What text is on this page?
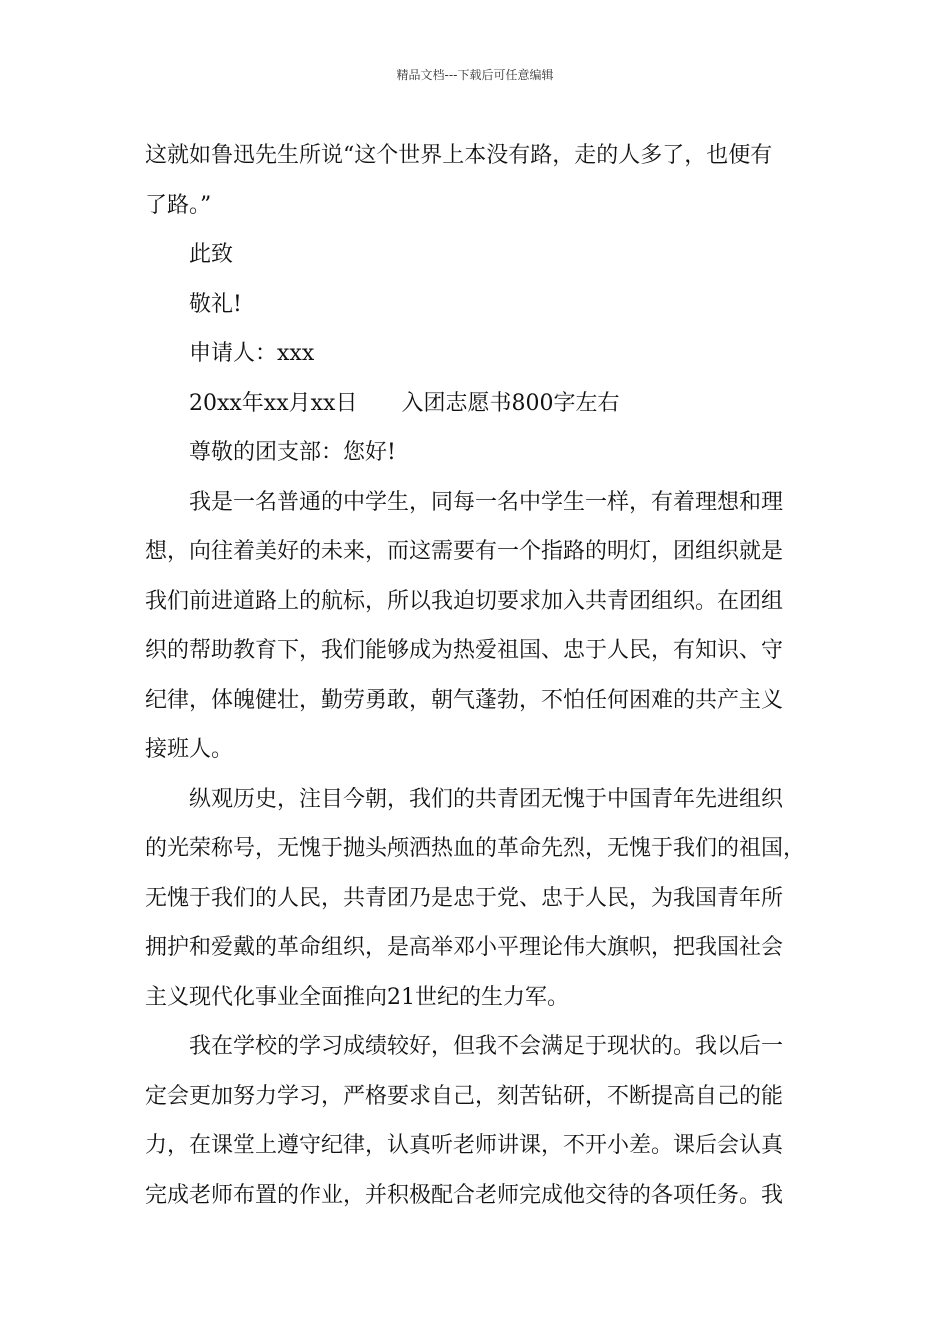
精品文档---下载后可任意编辑
这就如鲁迅先生所说“这个世界上本没有路，走的人多了，也便有
了路。”
此致
敬礼!
申请人：xxx
20xx年xx月xx日 入团志愿书800字左右
尊敬的团支部：您好!
我是一名普通的中学生，同每一名中学生一样，有着理想和理
想，向往着美好的未来，而这需要有一个指路的明灯，团组织就是
我们前进道路上的航标，所以我迫切要求加入共青团组织。在团组
织的帮助教育下，我们能够成为热爱祖国、忠于人民，有知识、守
纪律，体魄健壮，勤劳勇敢，朝气蓬勃，不怕任何困难的共产主义
接班人。
纵观历史，注目今朝，我们的共青团无愧于中国青年先进组织
的光荣称号，无愧于抛头颅洒热血的革命先烈，无愧于我们的祖国，
无愧于我们的人民，共青团乃是忠于党、忠于人民，为我国青年所
拥护和爱戴的革命组织，是高举邓小平理论伟大旗帜，把我国社会
主义现代化事业全面推向21世纪的生力军。
我在学校的学习成绩较好，但我不会满足于现状的。我以后一
定会更加努力学习，严格要求自己，刻苦钻研，不断提高自己的能
力，在课堂上遵守纪律，认真听老师讲课，不开小差。课后会认真
完成老师布置的作业，并积极配合老师完成他交待的各项任务。我
